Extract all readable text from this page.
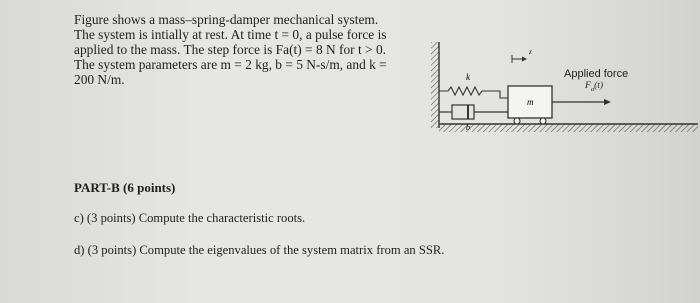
Figure shows a mass–spring-damper mechanical system.
The system is intially at rest. At time t = 0, a pulse force is
applied to the mass. The step force is Fa(t) = 8 N for t > 0.
The system parameters are m = 2 kg, b = 5 N-s/m, and k =
200 N/m.	k
b
m
z
Applied force
$F_a(t)$
PART-B (6 points)
c) (3 points) Compute the characteristic roots.
d) (3 points) Compute the eigenvalues of the system matrix from an SSR.
